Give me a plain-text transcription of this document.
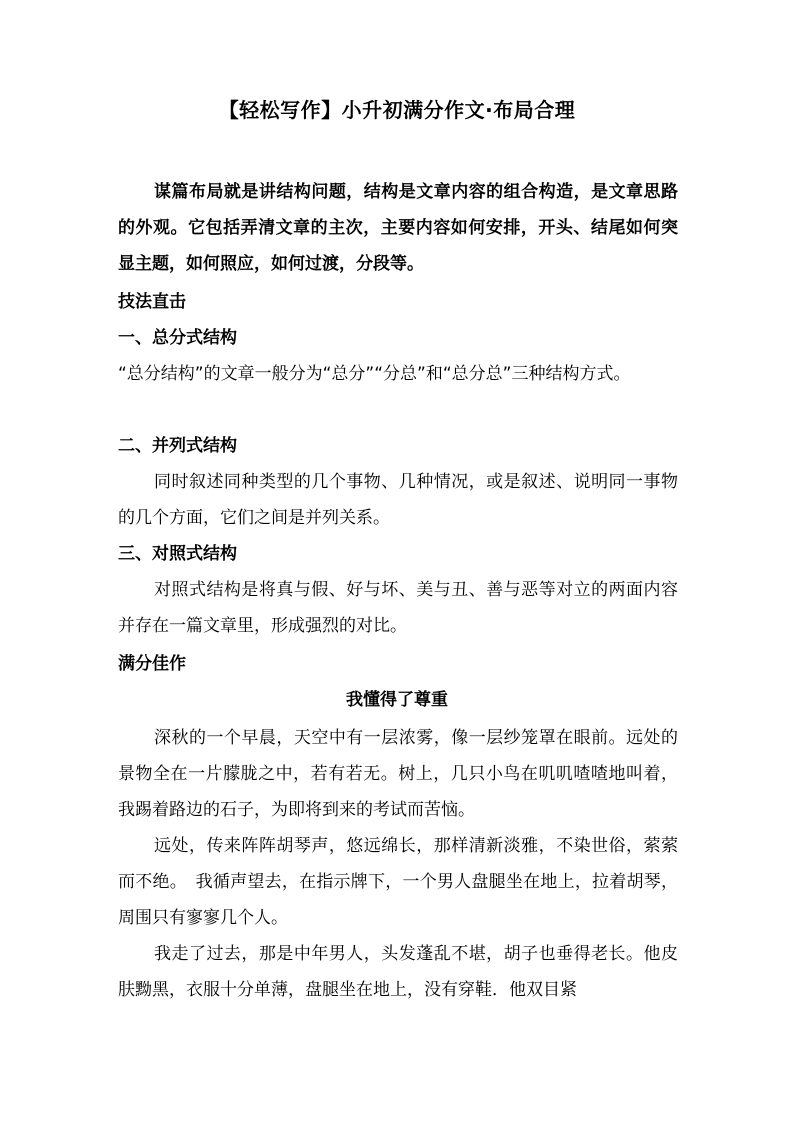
【轻松写作】小升初满分作文·布局合理
谋篇布局就是讲结构问题，结构是文章内容的组合构造，是文章思路的外观。它包括弄清文章的主次，主要内容如何安排，开头、结尾如何突显主题，如何照应，如何过渡，分段等。
技法直击
一、总分式结构
“总分结构”的文章一般分为“总分”“分总”和“总分总”三种结构方式。
二、并列式结构
同时叙述同种类型的几个事物、几种情况，或是叙述、说明同一事物的几个方面，它们之间是并列关系。
三、对照式结构
对照式结构是将真与假、好与坏、美与丑、善与恶等对立的两面内容并存在一篇文章里，形成强烈的对比。
满分佳作
我懂得了尊重
深秋的一个早晨，天空中有一层浓雾，像一层纱笼罩在眼前。远处的景物全在一片朦胧之中，若有若无。树上，几只小鸟在叽叽喳喳地叫着，我踢着路边的石子，为即将到来的考试而苦恼。
远处，传来阵阵胡琴声，悠远绵长，那样清新淡雅，不染世俗，萦萦而不绝。　我循声望去，在指示牌下，一个男人盘腿坐在地上，拉着胡琴，周围只有寥寥几个人。
我走了过去，那是中年男人，头发蓬乱不堪，胡子也垂得老长。他皮肤黝黑，衣服十分单薄，盘腿坐在地上，没有穿鞋．他双目紧
